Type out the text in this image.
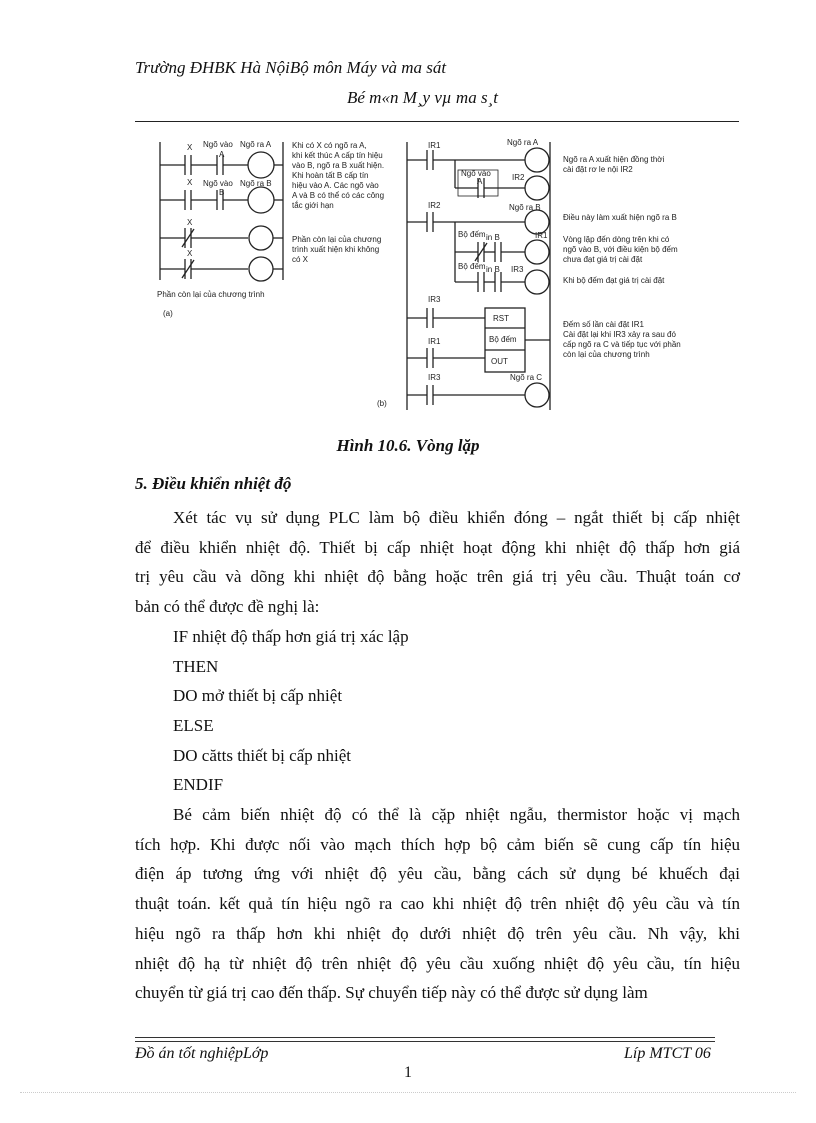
Trường ĐHBK Hà NộiBộ môn Máy và ma sát
Bé m«n M¸y vµ ma s¸t
X Ngõ vào
A
Ngõ ra A
X Ngõ vào
B
Ngõ ra B
X
X
Khi có X có ngõ ra A,
khi kết thúc A cấp tín hiệu
vào B, ngõ ra B xuất hiện.
Khi hoàn tất B cấp tín
hiệu vào A. Các ngõ vào
A và B có thể có các công
tắc giới hạn
Phần còn lại của chương
trình xuất hiện khi không
có X
Phần còn lại của chương trình
(a)
IR1	Ngõ ra A
Ngõ vào
A	IR2
IR2	Ngõ ra B
Bộ đếm in B	IR1
Bộ đếm in B IR3
IR3
RST
IR1	Bộ đếm
OUT
IR3	Ngõ ra C
(b)
Ngõ ra A xuất hiện đồng thời
cài đặt rơ le nội IR2
Điều này làm xuất hiện ngõ ra B
Vòng lặp đến dòng trên khi có
ngõ vào B, với điều kiện bộ đếm
chưa đạt giá trị cài đặt
Khi bộ đếm đạt giá trị cài đặt
Đếm số lần cài đặt IR1
Cài đặt lại khi IR3 xảy ra sau đó
cấp ngõ ra C và tiếp tục với phần
còn lại của chương trình
Hình 10.6. Vòng lặp
5. Điều khiển nhiệt độ

Xét tác vụ sử dụng PLC làm bộ điều khiển đóng – ngắt thiết bị cấp nhiệt

để điều khiển nhiệt độ. Thiết bị cấp nhiệt hoạt động khi nhiệt độ thấp hơn giá

trị yêu cầu và dõng khi nhiệt độ bằng hoặc trên giá trị yêu cầu. Thuật toán cơ

bản có thể được đề nghị là:

IF nhiệt độ thấp hơn giá trị xác lập

THEN

DO mở thiết bị cấp nhiệt

ELSE

DO cătts thiết bị cấp nhiệt

ENDIF

Bé cảm biến nhiệt độ có thể là cặp nhiệt ngẫu, thermistor hoặc vị mạch

tích hợp. Khi được nối vào mạch thích hợp bộ cảm biến sẽ cung cấp tín hiệu

điện áp tương ứng với nhiệt độ yêu cầu, bằng cách sử dụng bé khuếch đại

thuật toán. kết quả tín hiệu ngõ ra cao khi nhiệt độ trên nhiệt độ yêu cầu và tín

hiệu ngõ ra thấp hơn khi nhiệt đọ dưới nhiệt độ trên yêu cầu. Nh vậy, khi

nhiệt độ hạ từ nhiệt độ trên nhiệt độ yêu cầu xuống nhiệt độ yêu cầu, tín hiệu

chuyển từ giá trị cao đến thấp. Sự chuyển tiếp này có thể được sử dụng làm

Đồ án tốt nghiệpLớp	Líp MTCT 06
1
